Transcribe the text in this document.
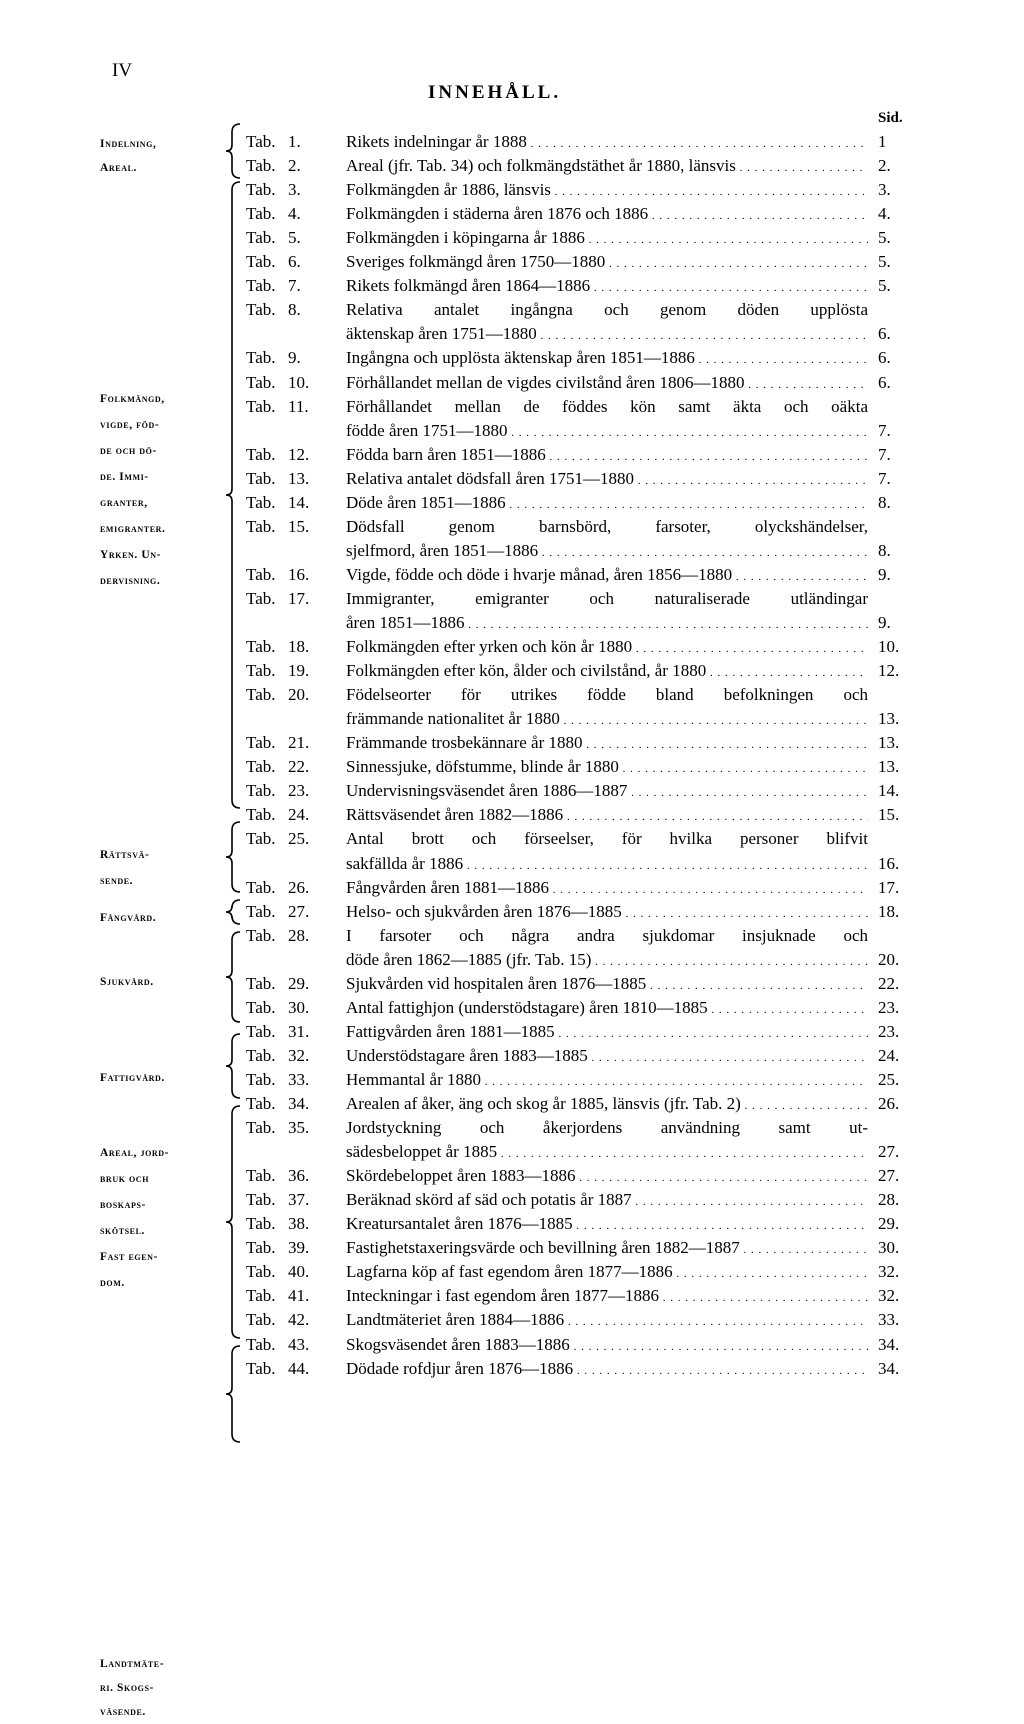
IV
INNEHÅLL.
Sid.
Indelning,
Areal.
Folkmängd,
vigde, föd-
de och dö-
de. Immi-
granter,
emigranter.
Yrken. Un-
dervisning.
Rättsvä-
sende.
Fångvård.
Sjukvård.
Fattigvård.
Areal, jord-
bruk och
boskaps-
skötsel.
Fast egen-
dom.
Landtmäte-
ri. Skogs-
väsende.
Tab. 1.	Rikets indelningar år 1888 . . .	1
Tab. 2.	Areal (jfr. Tab. 34) och folkmängdstäthet år 1880, länsvis . . .	2.
Tab. 3.	Folkmängden år 1886, länsvis . . .	3.
Tab. 4.	Folkmängden i städerna åren 1876 och 1886 . . .	4.
Tab. 5.	Folkmängden i köpingarna år 1886 . . .	5.
Tab. 6.	Sveriges folkmängd åren 1750—1880 . . .	5.
Tab. 7.	Rikets folkmängd åren 1864—1886 . . .	5.
Tab. 8.	Relativa antalet ingångna och genom döden upplösta
äktenskap åren 1751—1880 . . .	6.
Tab. 9.	Ingångna och upplösta äktenskap åren 1851—1886 . . .	6.
Tab. 10. Förhållandet mellan de vigdes civilstånd åren 1806—1880 . . .	6.
Tab. 11. Förhållandet mellan de föddes kön samt äkta och oäkta
födde åren 1751—1880 . . .	7.
Tab. 12. Födda barn åren 1851—1886 . . .	7.
Tab. 13. Relativa antalet dödsfall åren 1751—1880 . . .	7.
Tab. 14. Döde åren 1851—1886 . . .	8.
Tab. 15. Dödsfall genom barnsbörd, farsoter, olyckshändelser,
sjelfmord, åren 1851—1886 . . .	8.
Tab. 16. Vigde, födde och döde i hvarje månad, åren 1856—1880 . . .	9.
Tab. 17. Immigranter, emigranter och naturaliserade utländingar
åren 1851—1886 . . .	9.
Tab. 18. Folkmängden efter yrken och kön år 1880 . . .	10.
Tab. 19. Folkmängden efter kön, ålder och civilstånd, år 1880 . . .	12.
Tab. 20. Födelseorter för utrikes födde bland befolkningen och
främmande nationalitet år 1880 . . .	13.
Tab. 21. Främmande trosbekännare år 1880 . . .	13.
Tab. 22. Sinnessjuke, döfstumme, blinde år 1880 . . .	13.
Tab. 23. Undervisningsväsendet åren 1886—1887 . . .	14.
Tab. 24. Rättsväsendet åren 1882—1886 . . .	15.
Tab. 25. Antal brott och förseelser, för hvilka personer blifvit
sakfällda år 1886 . . .	16.
Tab. 26. Fångvården åren 1881—1886 . . .	17.
Tab. 27. Helso- och sjukvården åren 1876—1885 . . .	18.
Tab. 28. I farsoter och några andra sjukdomar insjuknade och
döde åren 1862—1885 (jfr. Tab. 15) . . .	20.
Tab. 29. Sjukvården vid hospitalen åren 1876—1885 . . .	22.
Tab. 30. Antal fattighjon (understödstagare) åren 1810—1885 . . .	23.
Tab. 31. Fattigvården åren 1881—1885 . . .	23.
Tab. 32. Understödstagare åren 1883—1885 . . .	24.
Tab. 33. Hemmantal år 1880 . . .	25.
Tab. 34. Arealen af åker, äng och skog år 1885, länsvis (jfr. Tab. 2) . . .	26.
Tab. 35. Jordstyckning och åkerjordens användning samt ut-
sädesbeloppet år 1885 . . .	27.
Tab. 36. Skördebeloppet åren 1883—1886 . . .	27.
Tab. 37. Beräknad skörd af säd och potatis år 1887 . . .	28.
Tab. 38. Kreatursantalet åren 1876—1885 . . .	29.
Tab. 39. Fastighetstaxeringsvärde och bevillning åren 1882—1887 . . .	30.
Tab. 40. Lagfarna köp af fast egendom åren 1877—1886 . . .	32.
Tab. 41. Inteckningar i fast egendom åren 1877—1886 . . .	32.
Tab. 42. Landtmäteriet åren 1884—1886 . . .	33.
Tab. 43. Skogsväsendet åren 1883—1886 . . .	34.
Tab. 44. Dödade rofdjur åren 1876—1886 . . .	34.
